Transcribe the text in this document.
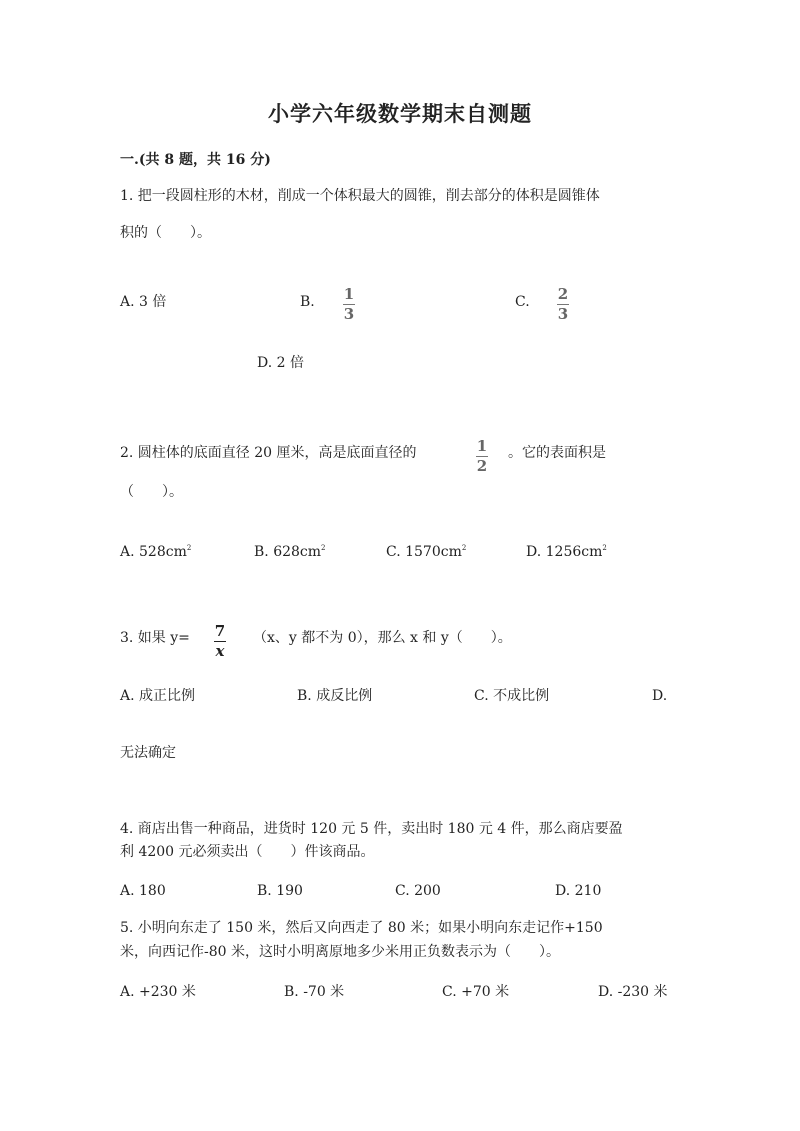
小学六年级数学期末自测题
一.(共 8 题，共 16 分)
1. 把一段圆柱形的木材，削成一个体积最大的圆锥，削去部分的体积是圆锥体
积的（　　）。
A. 3 倍	B. 1
3
C. 2
3
D. 2 倍
2. 圆柱体的底面直径 20 厘米，高是底面直径的	1
2
。它的表面积是
（　　）。
A. $528cm^2$	B. $628cm^2$	C. $1570cm^2$	D. $1256cm^2$
3. 如果 y= 7
x
（x、y 都不为 0），那么 x 和 y（　　）。
A. 成正比例	B. 成反比例	C. 不成比例	D.
无法确定
4. 商店出售一种商品，进货时 120 元 5 件，卖出时 180 元 4 件，那么商店要盈
利 4200 元必须卖出（　　）件该商品。
A. 180	B. 190	C. 200	D. 210
5. 小明向东走了 150 米，然后又向西走了 80 米；如果小明向东走记作+150
米，向西记作-80 米，这时小明离原地多少米用正负数表示为（　　）。
A. +230 米	B. -70 米	C. +70 米	D. -230 米
